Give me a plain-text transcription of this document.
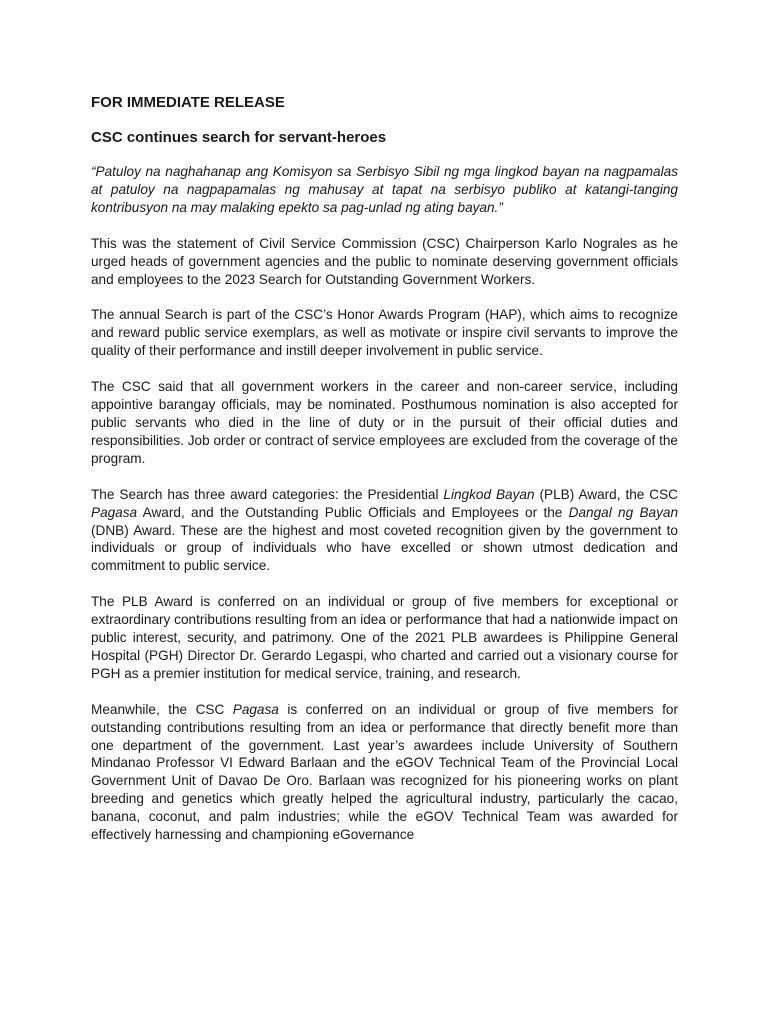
FOR IMMEDIATE RELEASE
CSC continues search for servant-heroes

“Patuloy na naghahanap ang Komisyon sa Serbisyo Sibil ng mga lingkod bayan na nagpamalas at patuloy na nagpapamalas ng mahusay at tapat na serbisyo publiko at katangi-tanging kontribusyon na may malaking epekto sa pag-unlad ng ating bayan.”

This was the statement of Civil Service Commission (CSC) Chairperson Karlo Nograles as he urged heads of government agencies and the public to nominate deserving government officials and employees to the 2023 Search for Outstanding Government Workers.

The annual Search is part of the CSC’s Honor Awards Program (HAP), which aims to recognize and reward public service exemplars, as well as motivate or inspire civil servants to improve the quality of their performance and instill deeper involvement in public service.

The CSC said that all government workers in the career and non-career service, including appointive barangay officials, may be nominated. Posthumous nomination is also accepted for public servants who died in the line of duty or in the pursuit of their official duties and responsibilities. Job order or contract of service employees are excluded from the coverage of the program.

The Search has three award categories: the Presidential Lingkod Bayan (PLB) Award, the CSC Pagasa Award, and the Outstanding Public Officials and Employees or the Dangal ng Bayan (DNB) Award. These are the highest and most coveted recognition given by the government to individuals or group of individuals who have excelled or shown utmost dedication and commitment to public service.

The PLB Award is conferred on an individual or group of five members for exceptional or extraordinary contributions resulting from an idea or performance that had a nationwide impact on public interest, security, and patrimony. One of the 2021 PLB awardees is Philippine General Hospital (PGH) Director Dr. Gerardo Legaspi, who charted and carried out a visionary course for PGH as a premier institution for medical service, training, and research.

Meanwhile, the CSC Pagasa is conferred on an individual or group of five members for outstanding contributions resulting from an idea or performance that directly benefit more than one department of the government. Last year’s awardees include University of Southern Mindanao Professor VI Edward Barlaan and the eGOV Technical Team of the Provincial Local Government Unit of Davao De Oro. Barlaan was recognized for his pioneering works on plant breeding and genetics which greatly helped the agricultural industry, particularly the cacao, banana, coconut, and palm industries; while the eGOV Technical Team was awarded for effectively harnessing and championing eGovernance
